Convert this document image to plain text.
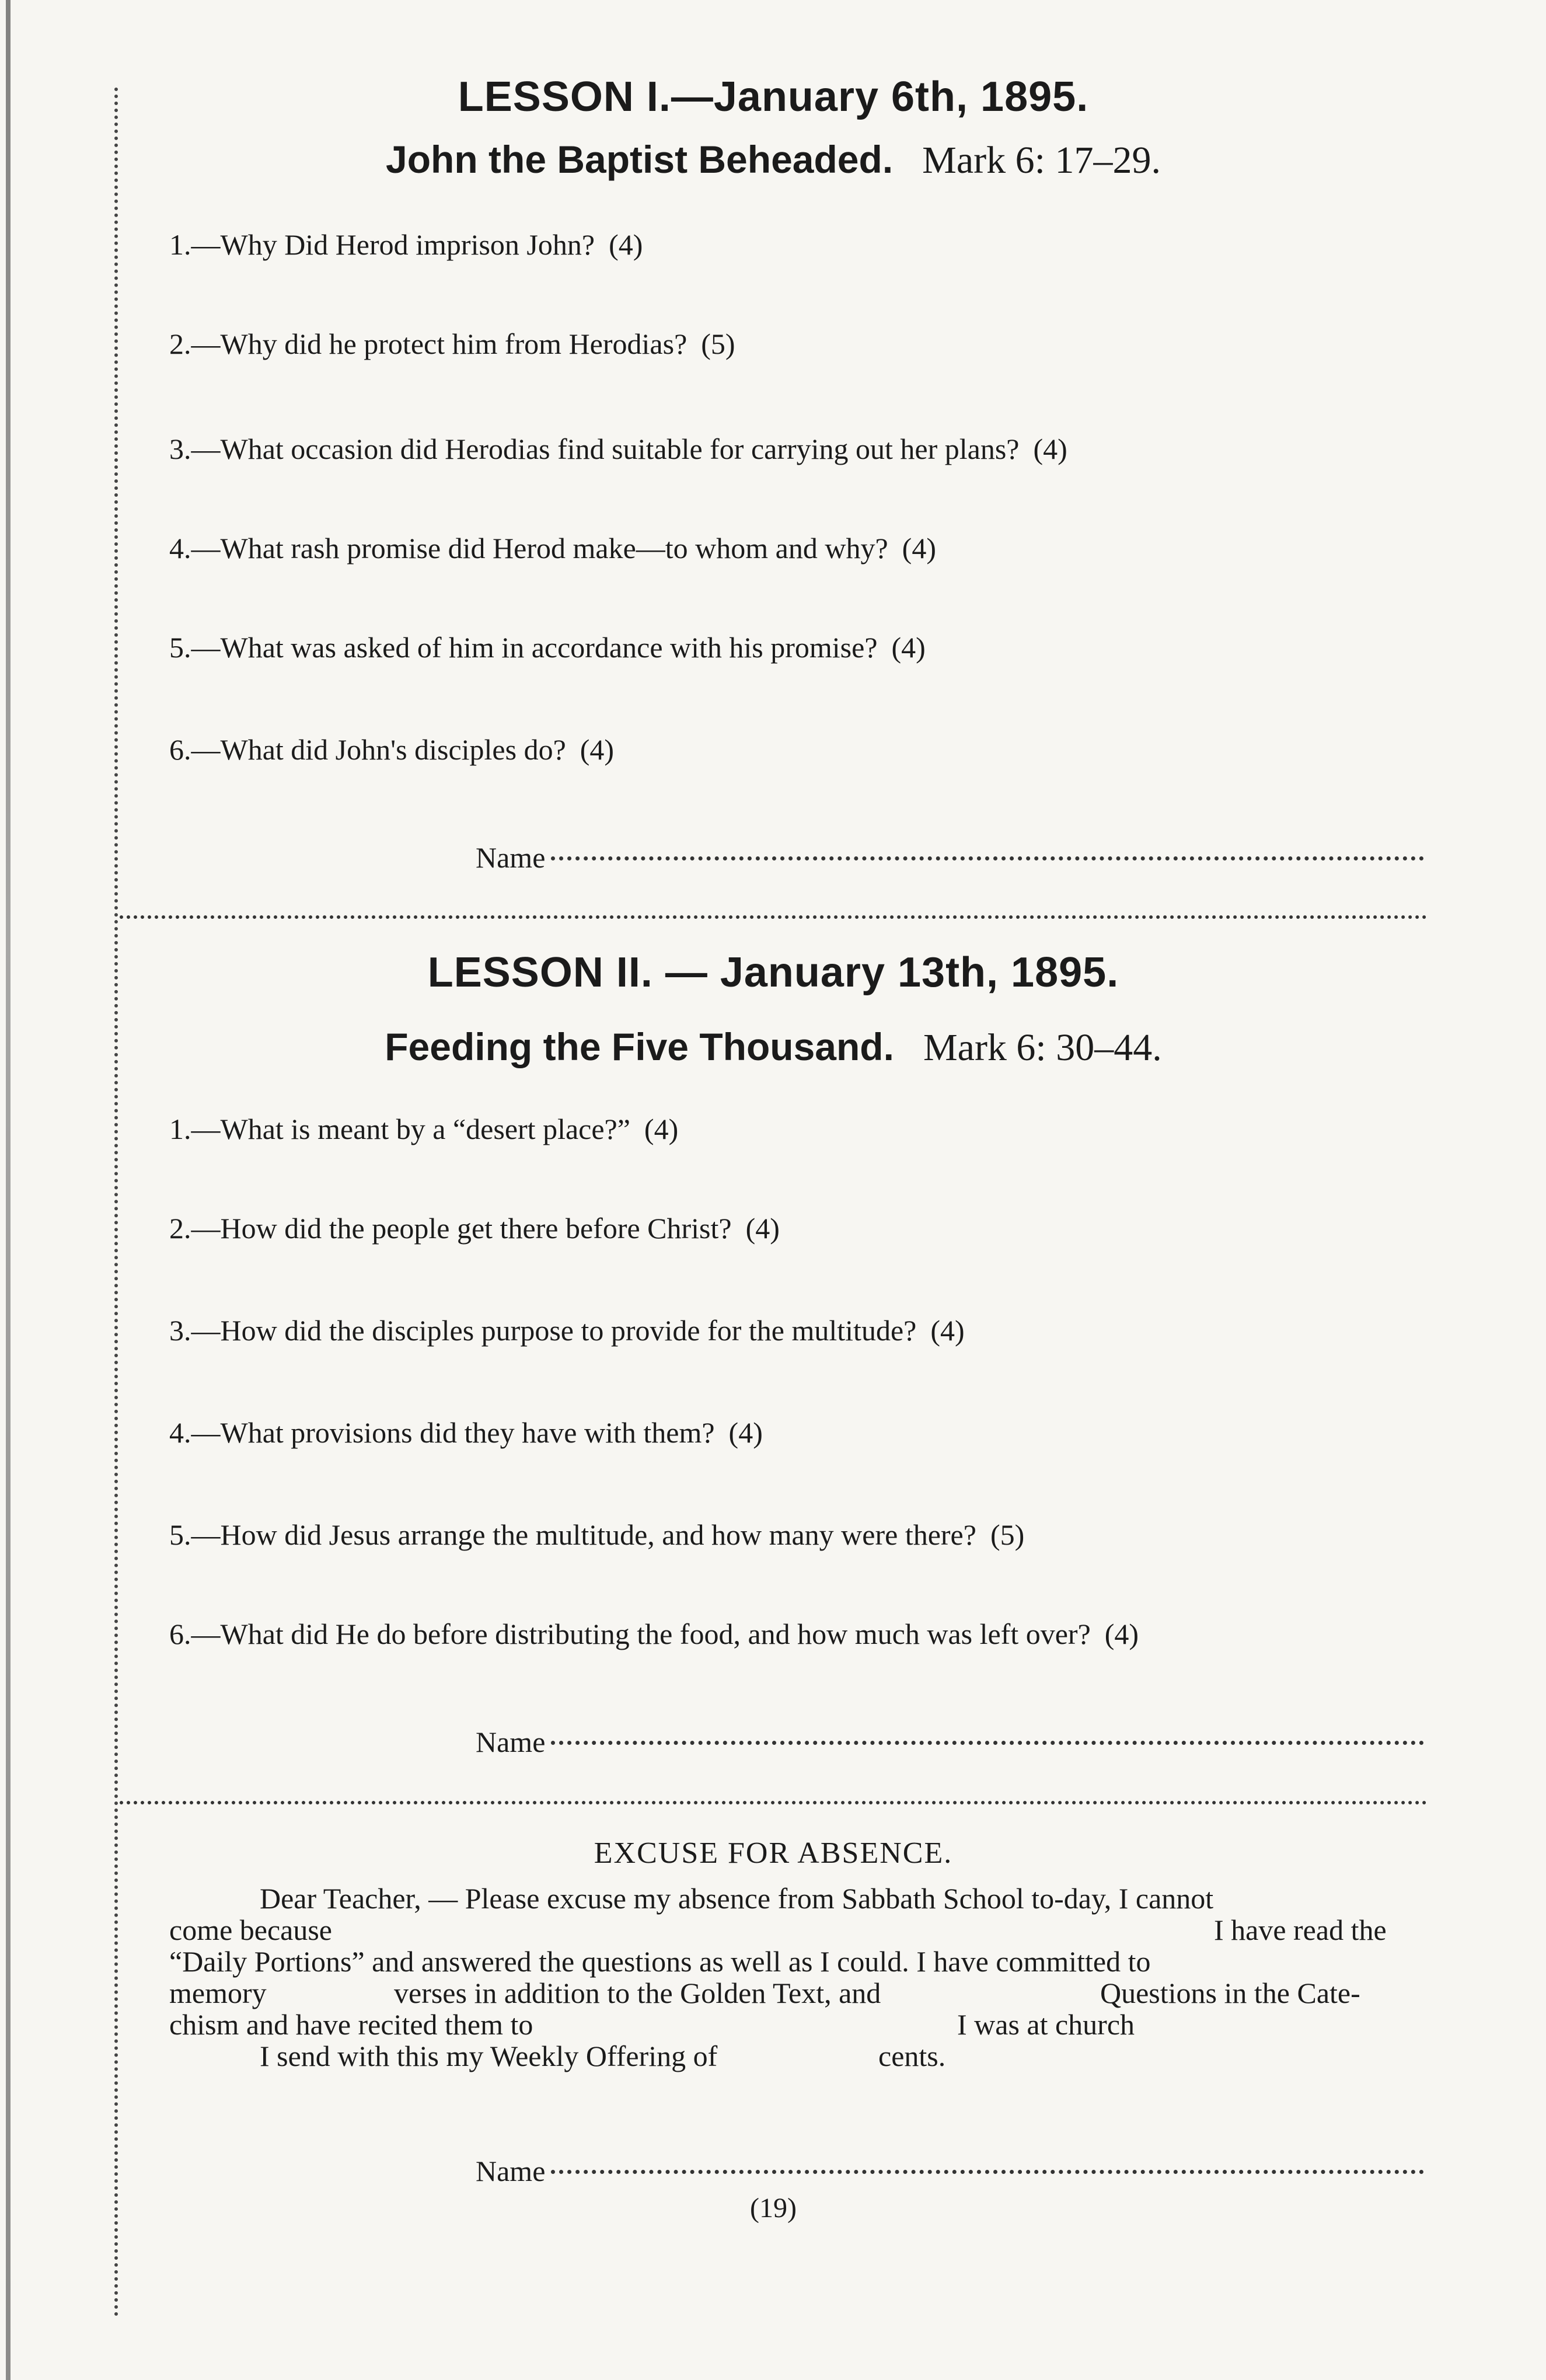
LESSON I.—January 6th, 1895.
John the Baptist Beheaded. Mark 6: 17–29.
1.—Why Did Herod imprison John? (4)
2.—Why did he protect him from Herodias? (5)
3.—What occasion did Herodias find suitable for carrying out her plans? (4)
4.—What rash promise did Herod make—to whom and why? (4)
5.—What was asked of him in accordance with his promise? (4)
6.—What did John's disciples do? (4)
Name
LESSON II. — January 13th, 1895.
Feeding the Five Thousand. Mark 6: 30–44.
1.—What is meant by a “desert place?” (4)
2.—How did the people get there before Christ? (4)
3.—How did the disciples purpose to provide for the multitude? (4)
4.—What provisions did they have with them? (4)
5.—How did Jesus arrange the multitude, and how many were there? (5)
6.—What did He do before distributing the food, and how much was left over? (4)
Name
EXCUSE FOR ABSENCE.
Dear Teacher, — Please excuse my absence from Sabbath School to-day, I cannot
come because	I have read the
“Daily Portions” and answered the questions as well as I could. I have committed to
memory	verses in addition to the Golden Text, and	Questions in the Cate-
chism and have recited them to	I was at church
I send with this my Weekly Offering of	cents.
Name
(19)
